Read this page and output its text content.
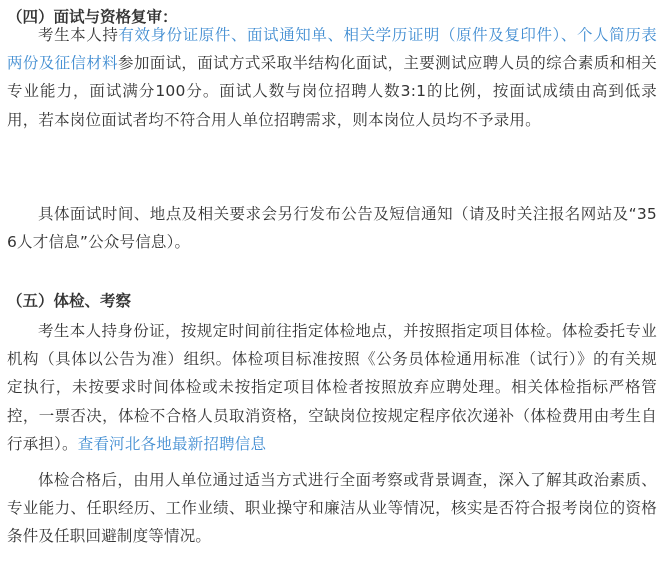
（四）面试与资格复审：

考生本人持有效身份证原件、面试通知单、相关学历证明（原件及复印件）、个人简历表两份及征信材料参加面试，面试方式采取半结构化面试，主要测试应聘人员的综合素质和相关专业能力，面试满分100分。面试人数与岗位招聘人数3:1的比例，按面试成绩由高到低录用，若本岗位面试者均不符合用人单位招聘需求，则本岗位人员均不予录用。

具体面试时间、地点及相关要求会另行发布公告及短信通知（请及时关注报名网站及“356人才信息”公众号信息）。

（五）体检、考察

考生本人持身份证，按规定时间前往指定体检地点，并按照指定项目体检。体检委托专业机构（具体以公告为准）组织。体检项目标准按照《公务员体检通用标准（试行）》的有关规定执行，未按要求时间体检或未按指定项目体检者按照放弃应聘处理。相关体检指标严格管控，一票否决，体检不合格人员取消资格，空缺岗位按规定程序依次递补（体检费用由考生自行承担）。查看河北各地最新招聘信息

体检合格后，由用人单位通过适当方式进行全面考察或背景调查，深入了解其政治素质、专业能力、任职经历、工作业绩、职业操守和廉洁从业等情况，核实是否符合报考岗位的资格条件及任职回避制度等情况。
